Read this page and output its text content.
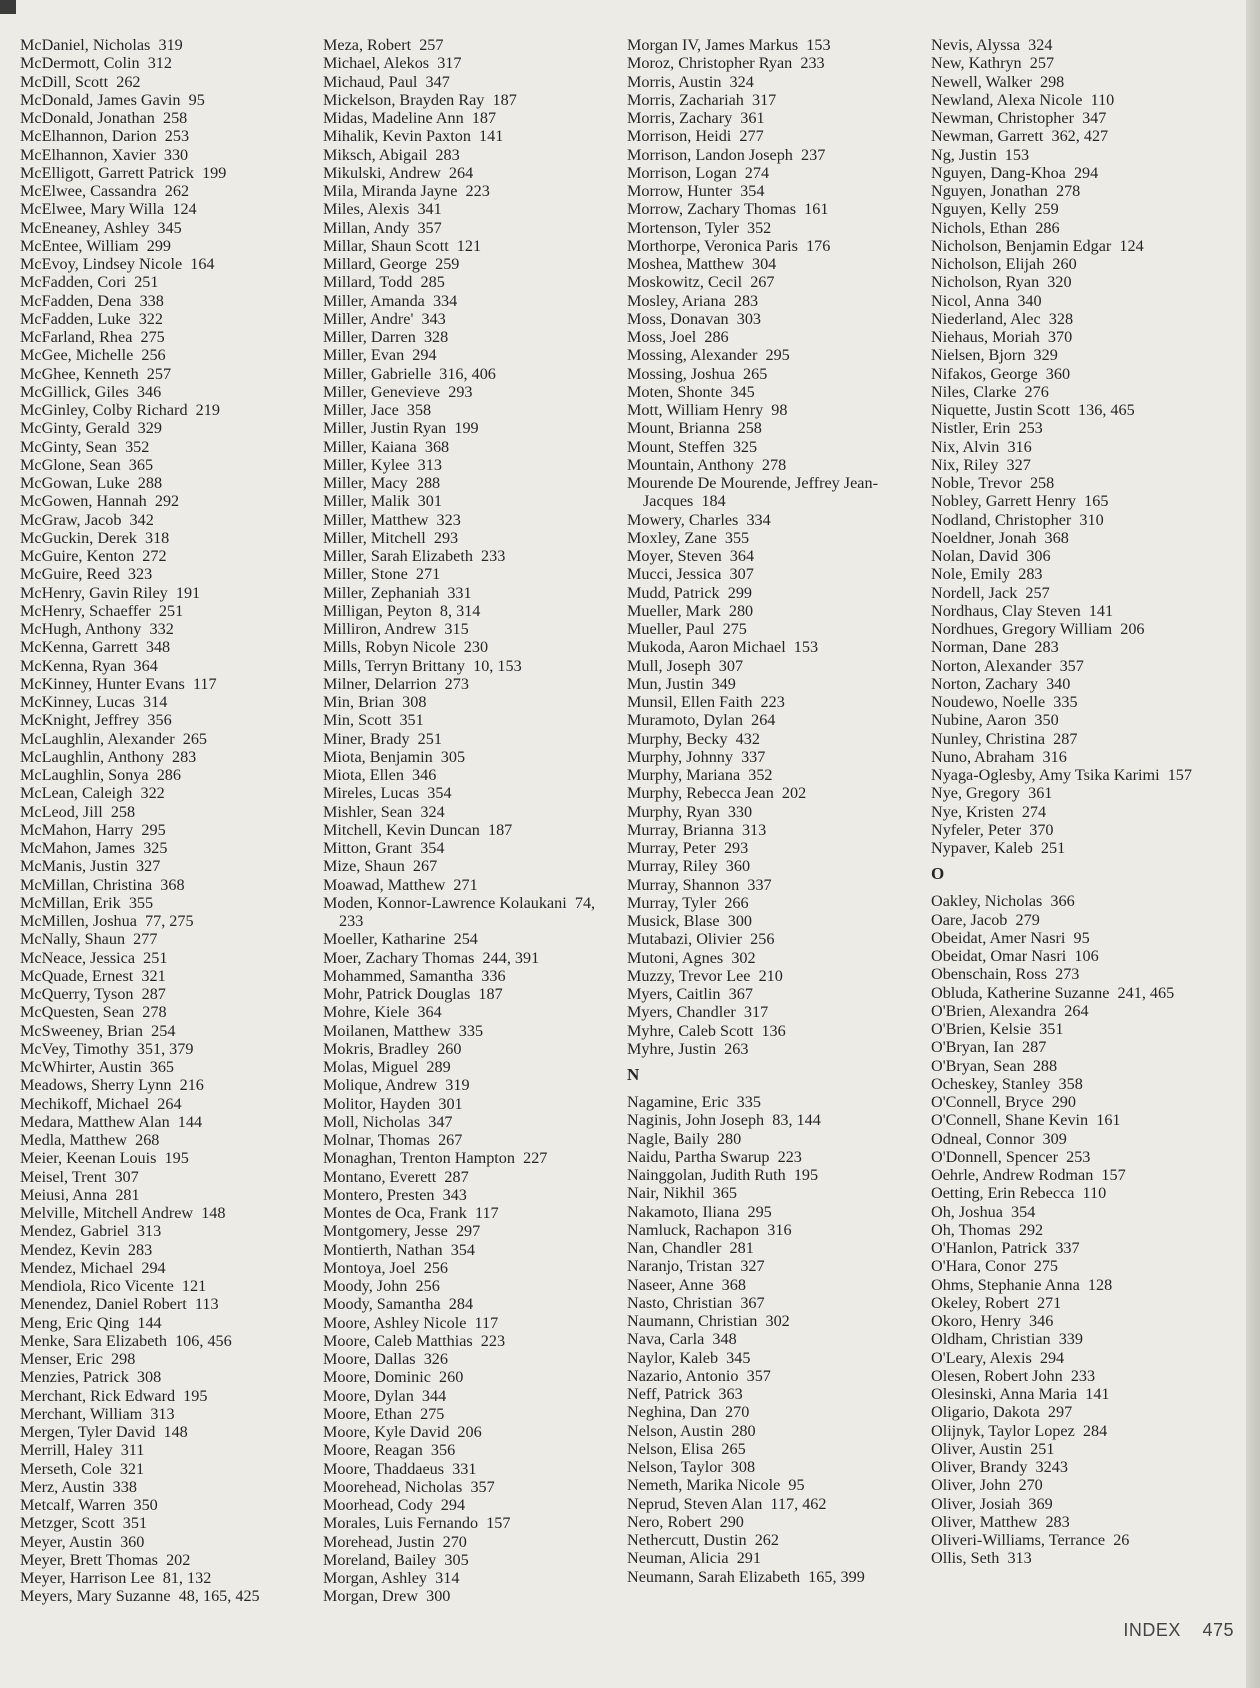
McDaniel, Nicholas  319
McDermott, Colin  312
McDill, Scott  262
McDonald, James Gavin  95
McDonald, Jonathan  258
McElhannon, Darion  253
McElhannon, Xavier  330
McElligott, Garrett Patrick  199
McElwee, Cassandra  262
McElwee, Mary Willa  124
McEneaney, Ashley  345
McEntee, William  299
McEvoy, Lindsey Nicole  164
McFadden, Cori  251
McFadden, Dena  338
McFadden, Luke  322
McFarland, Rhea  275
McGee, Michelle  256
McGhee, Kenneth  257
McGillick, Giles  346
McGinley, Colby Richard  219
McGinty, Gerald  329
McGinty, Sean  352
McGlone, Sean  365
McGowan, Luke  288
McGowen, Hannah  292
McGraw, Jacob  342
McGuckin, Derek  318
McGuire, Kenton  272
McGuire, Reed  323
McHenry, Gavin Riley  191
McHenry, Schaeffer  251
McHugh, Anthony  332
McKenna, Garrett  348
McKenna, Ryan  364
McKinney, Hunter Evans  117
McKinney, Lucas  314
McKnight, Jeffrey  356
McLaughlin, Alexander  265
McLaughlin, Anthony  283
McLaughlin, Sonya  286
McLean, Caleigh  322
McLeod, Jill  258
McMahon, Harry  295
McMahon, James  325
McManis, Justin  327
McMillan, Christina  368
McMillan, Erik  355
McMillen, Joshua  77, 275
McNally, Shaun  277
McNeace, Jessica  251
McQuade, Ernest  321
McQuerry, Tyson  287
McQuesten, Sean  278
McSweeney, Brian  254
McVey, Timothy  351, 379
McWhirter, Austin  365
Meadows, Sherry Lynn  216
Mechikoff, Michael  264
Medara, Matthew Alan  144
Medla, Matthew  268
Meier, Keenan Louis  195
Meisel, Trent  307
Meiusi, Anna  281
Melville, Mitchell Andrew  148
Mendez, Gabriel  313
Mendez, Kevin  283
Mendez, Michael  294
Mendiola, Rico Vicente  121
Menendez, Daniel Robert  113
Meng, Eric Qing  144
Menke, Sara Elizabeth  106, 456
Menser, Eric  298
Menzies, Patrick  308
Merchant, Rick Edward  195
Merchant, William  313
Mergen, Tyler David  148
Merrill, Haley  311
Merseth, Cole  321
Merz, Austin  338
Metcalf, Warren  350
Metzger, Scott  351
Meyer, Austin  360
Meyer, Brett Thomas  202
Meyer, Harrison Lee  81, 132
Meyers, Mary Suzanne  48, 165, 425
Meza, Robert  257
Michael, Alekos  317
Michaud, Paul  347
Mickelson, Brayden Ray  187
Midas, Madeline Ann  187
Mihalik, Kevin Paxton  141
Miksch, Abigail  283
Mikulski, Andrew  264
Mila, Miranda Jayne  223
Miles, Alexis  341
Millan, Andy  357
Millar, Shaun Scott  121
Millard, George  259
Millard, Todd  285
Miller, Amanda  334
Miller, Andre'  343
Miller, Darren  328
Miller, Evan  294
Miller, Gabrielle  316, 406
Miller, Genevieve  293
Miller, Jace  358
Miller, Justin Ryan  199
Miller, Kaiana  368
Miller, Kylee  313
Miller, Macy  288
Miller, Malik  301
Miller, Matthew  323
Miller, Mitchell  293
Miller, Sarah Elizabeth  233
Miller, Stone  271
Miller, Zephaniah  331
Milligan, Peyton  8, 314
Milliron, Andrew  315
Mills, Robyn Nicole  230
Mills, Terryn Brittany  10, 153
Milner, Delarrion  273
Min, Brian  308
Min, Scott  351
Miner, Brady  251
Miota, Benjamin  305
Miota, Ellen  346
Mireles, Lucas  354
Mishler, Sean  324
Mitchell, Kevin Duncan  187
Mitton, Grant  354
Mize, Shaun  267
Moawad, Matthew  271
Moden, Konnor-Lawrence Kolaukani  74, 233
Moeller, Katharine  254
Moer, Zachary Thomas  244, 391
Mohammed, Samantha  336
Mohr, Patrick Douglas  187
Mohre, Kiele  364
Moilanen, Matthew  335
Mokris, Bradley  260
Molas, Miguel  289
Molique, Andrew  319
Molitor, Hayden  301
Moll, Nicholas  347
Molnar, Thomas  267
Monaghan, Trenton Hampton  227
Montano, Everett  287
Montero, Presten  343
Montes de Oca, Frank  117
Montgomery, Jesse  297
Montierth, Nathan  354
Montoya, Joel  256
Moody, John  256
Moody, Samantha  284
Moore, Ashley Nicole  117
Moore, Caleb Matthias  223
Moore, Dallas  326
Moore, Dominic  260
Moore, Dylan  344
Moore, Ethan  275
Moore, Kyle David  206
Moore, Reagan  356
Moore, Thaddaeus  331
Moorehead, Nicholas  357
Moorhead, Cody  294
Morales, Luis Fernando  157
Morehead, Justin  270
Moreland, Bailey  305
Morgan, Ashley  314
Morgan, Drew  300
Morgan IV, James Markus  153
Moroz, Christopher Ryan  233
Morris, Austin  324
Morris, Zachariah  317
Morris, Zachary  361
Morrison, Heidi  277
Morrison, Landon Joseph  237
Morrison, Logan  274
Morrow, Hunter  354
Morrow, Zachary Thomas  161
Mortenson, Tyler  352
Morthorpe, Veronica Paris  176
Moshea, Matthew  304
Moskowitz, Cecil  267
Mosley, Ariana  283
Moss, Donavan  303
Moss, Joel  286
Mossing, Alexander  295
Mossing, Joshua  265
Moten, Shonte  345
Mott, William Henry  98
Mount, Brianna  258
Mount, Steffen  325
Mountain, Anthony  278
Mourende De Mourende, Jeffrey Jean-Jacques  184
Mowery, Charles  334
Moxley, Zane  355
Moyer, Steven  364
Mucci, Jessica  307
Mudd, Patrick  299
Mueller, Mark  280
Mueller, Paul  275
Mukoda, Aaron Michael  153
Mull, Joseph  307
Mun, Justin  349
Munsil, Ellen Faith  223
Muramoto, Dylan  264
Murphy, Becky  432
Murphy, Johnny  337
Murphy, Mariana  352
Murphy, Rebecca Jean  202
Murphy, Ryan  330
Murray, Brianna  313
Murray, Peter  293
Murray, Riley  360
Murray, Shannon  337
Murray, Tyler  266
Musick, Blase  300
Mutabazi, Olivier  256
Mutoni, Agnes  302
Muzzy, Trevor Lee  210
Myers, Caitlin  367
Myers, Chandler  317
Myhre, Caleb Scott  136
Myhre, Justin  263
N
Nagamine, Eric  335
Naginis, John Joseph  83, 144
Nagle, Baily  280
Naidu, Partha Swarup  223
Nainggolan, Judith Ruth  195
Nair, Nikhil  365
Nakamoto, Iliana  295
Namluck, Rachapon  316
Nan, Chandler  281
Naranjo, Tristan  327
Naseer, Anne  368
Nasto, Christian  367
Naumann, Christian  302
Nava, Carla  348
Naylor, Kaleb  345
Nazario, Antonio  357
Neff, Patrick  363
Neghina, Dan  270
Nelson, Austin  280
Nelson, Elisa  265
Nelson, Taylor  308
Nemeth, Marika Nicole  95
Neprud, Steven Alan  117, 462
Nero, Robert  290
Nethercutt, Dustin  262
Neuman, Alicia  291
Neumann, Sarah Elizabeth  165, 399
Nevis, Alyssa  324
New, Kathryn  257
Newell, Walker  298
Newland, Alexa Nicole  110
Newman, Christopher  347
Newman, Garrett  362, 427
Ng, Justin  153
Nguyen, Dang-Khoa  294
Nguyen, Jonathan  278
Nguyen, Kelly  259
Nichols, Ethan  286
Nicholson, Benjamin Edgar  124
Nicholson, Elijah  260
Nicholson, Ryan  320
Nicol, Anna  340
Niederland, Alec  328
Niehaus, Moriah  370
Nielsen, Bjorn  329
Nifakos, George  360
Niles, Clarke  276
Niquette, Justin Scott  136, 465
Nistler, Erin  253
Nix, Alvin  316
Nix, Riley  327
Noble, Trevor  258
Nobley, Garrett Henry  165
Nodland, Christopher  310
Noeldner, Jonah  368
Nolan, David  306
Nole, Emily  283
Nordell, Jack  257
Nordhaus, Clay Steven  141
Nordhues, Gregory William  206
Norman, Dane  283
Norton, Alexander  357
Norton, Zachary  340
Noudewo, Noelle  335
Nubine, Aaron  350
Nunley, Christina  287
Nuno, Abraham  316
Nyaga-Oglesby, Amy Tsika Karimi  157
Nye, Gregory  361
Nye, Kristen  274
Nyfeler, Peter  370
Nypaver, Kaleb  251
O
Oakley, Nicholas  366
Oare, Jacob  279
Obeidat, Amer Nasri  95
Obeidat, Omar Nasri  106
Obenschain, Ross  273
Obluda, Katherine Suzanne  241, 465
O'Brien, Alexandra  264
O'Brien, Kelsie  351
O'Bryan, Ian  287
O'Bryan, Sean  288
Ocheskey, Stanley  358
O'Connell, Bryce  290
O'Connell, Shane Kevin  161
Odneal, Connor  309
O'Donnell, Spencer  253
Oehrle, Andrew Rodman  157
Oetting, Erin Rebecca  110
Oh, Joshua  354
Oh, Thomas  292
O'Hanlon, Patrick  337
O'Hara, Conor  275
Ohms, Stephanie Anna  128
Okeley, Robert  271
Okoro, Henry  346
Oldham, Christian  339
O'Leary, Alexis  294
Olesen, Robert John  233
Olesinski, Anna Maria  141
Oligario, Dakota  297
Olijnyk, Taylor Lopez  284
Oliver, Austin  251
Oliver, Brandy  3243
Oliver, John  270
Oliver, Josiah  369
Oliver, Matthew  283
Oliveri-Williams, Terrance  26
Ollis, Seth  313
INDEX 475
